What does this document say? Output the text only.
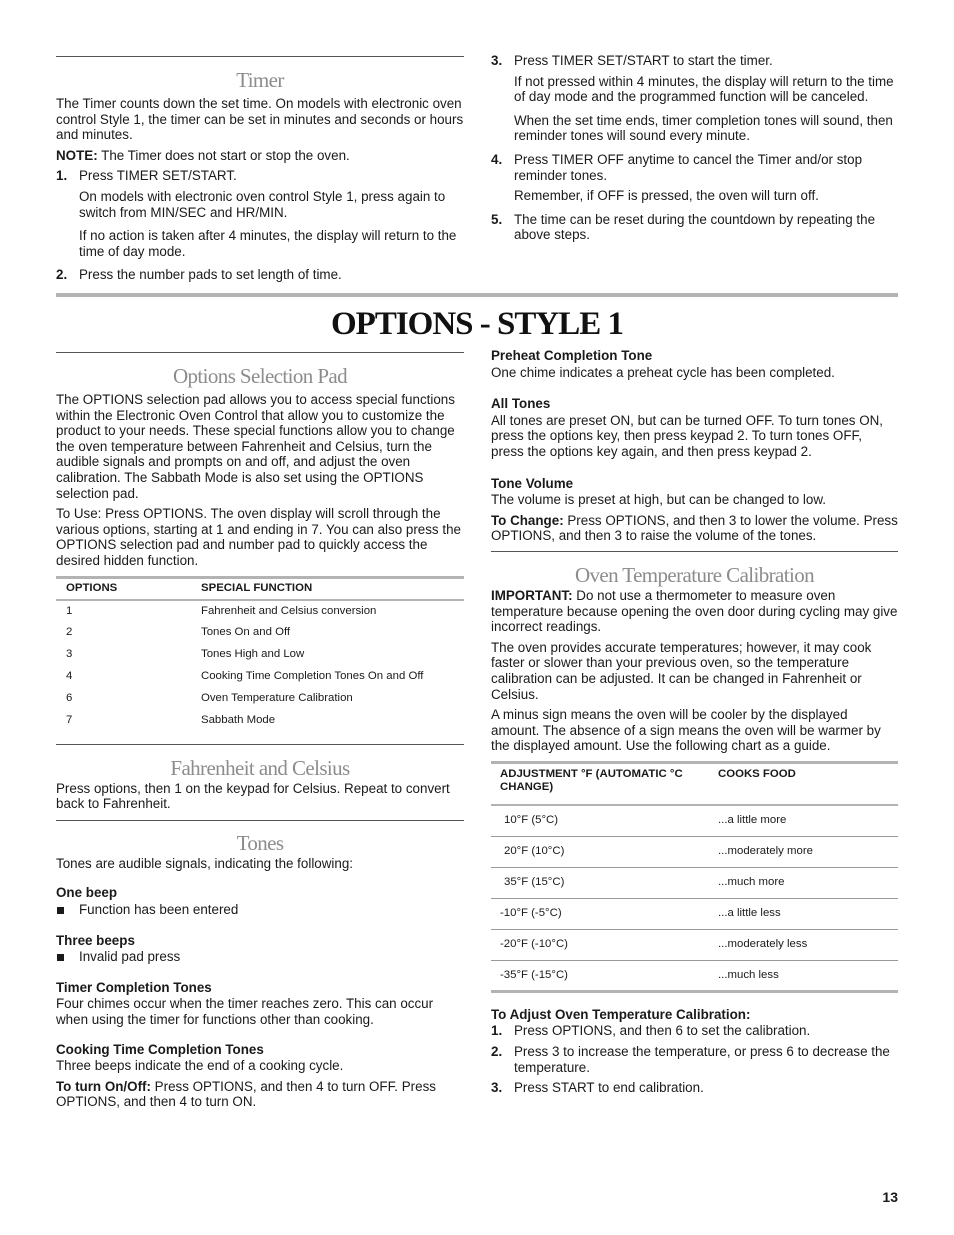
Timer

The Timer counts down the set time. On models with electronic oven control Style 1, the timer can be set in minutes and seconds or hours and minutes.

NOTE: The Timer does not start or stop the oven.

1. Press TIMER SET/START.
On models with electronic oven control Style 1, press again to switch from MIN/SEC and HR/MIN.
If no action is taken after 4 minutes, the display will return to the time of day mode.
2. Press the number pads to set length of time.
3. Press TIMER SET/START to start the timer.
If not pressed within 4 minutes, the display will return to the time of day mode and the programmed function will be canceled.
When the set time ends, timer completion tones will sound, then reminder tones will sound every minute.
4. Press TIMER OFF anytime to cancel the Timer and/or stop reminder tones.
Remember, if OFF is pressed, the oven will turn off.
5. The time can be reset during the countdown by repeating the above steps.
OPTIONS - STYLE 1
Options Selection Pad

The OPTIONS selection pad allows you to access special functions within the Electronic Oven Control that allow you to customize the product to your needs. These special functions allow you to change the oven temperature between Fahrenheit and Celsius, turn the audible signals and prompts on and off, and adjust the oven calibration. The Sabbath Mode is also set using the OPTIONS selection pad.

To Use: Press OPTIONS. The oven display will scroll through the various options, starting at 1 and ending in 7. You can also press the OPTIONS selection pad and number pad to quickly access the desired hidden function.

OPTIONS	SPECIAL FUNCTION
1	Fahrenheit and Celsius conversion
2	Tones On and Off
3	Tones High and Low
4	Cooking Time Completion Tones On and Off
6	Oven Temperature Calibration
7	Sabbath Mode
Fahrenheit and Celsius

Press options, then 1 on the keypad for Celsius. Repeat to convert back to Fahrenheit.

Tones

Tones are audible signals, indicating the following:

One beep
Function has been entered
Three beeps
Invalid pad press
Timer Completion Tones

Four chimes occur when the timer reaches zero. This can occur when using the timer for functions other than cooking.

Cooking Time Completion Tones

Three beeps indicate the end of a cooking cycle.

To turn On/Off: Press OPTIONS, and then 4 to turn OFF. Press OPTIONS, and then 4 to turn ON.

Preheat Completion Tone

One chime indicates a preheat cycle has been completed.

All Tones

All tones are preset ON, but can be turned OFF. To turn tones ON, press the options key, then press keypad 2. To turn tones OFF, press the options key again, and then press keypad 2.

Tone Volume

The volume is preset at high, but can be changed to low.

To Change: Press OPTIONS, and then 3 to lower the volume. Press OPTIONS, and then 3 to raise the volume of the tones.

Oven Temperature Calibration

IMPORTANT: Do not use a thermometer to measure oven temperature because opening the oven door during cycling may give incorrect readings.

The oven provides accurate temperatures; however, it may cook faster or slower than your previous oven, so the temperature calibration can be adjusted. It can be changed in Fahrenheit or Celsius.

A minus sign means the oven will be cooler by the displayed amount. The absence of a sign means the oven will be warmer by the displayed amount. Use the following chart as a guide.

ADJUSTMENT °F (AUTOMATIC °C CHANGE)	COOKS FOOD
10°F (5°C)	...a little more
20°F (10°C)	...moderately more
35°F (15°C)	...much more
-10°F (-5°C)	...a little less
-20°F (-10°C)	...moderately less
-35°F (-15°C)	...much less
To Adjust Oven Temperature Calibration:
1. Press OPTIONS, and then 6 to set the calibration.
2. Press 3 to increase the temperature, or press 6 to decrease the temperature.
3. Press START to end calibration.
13
